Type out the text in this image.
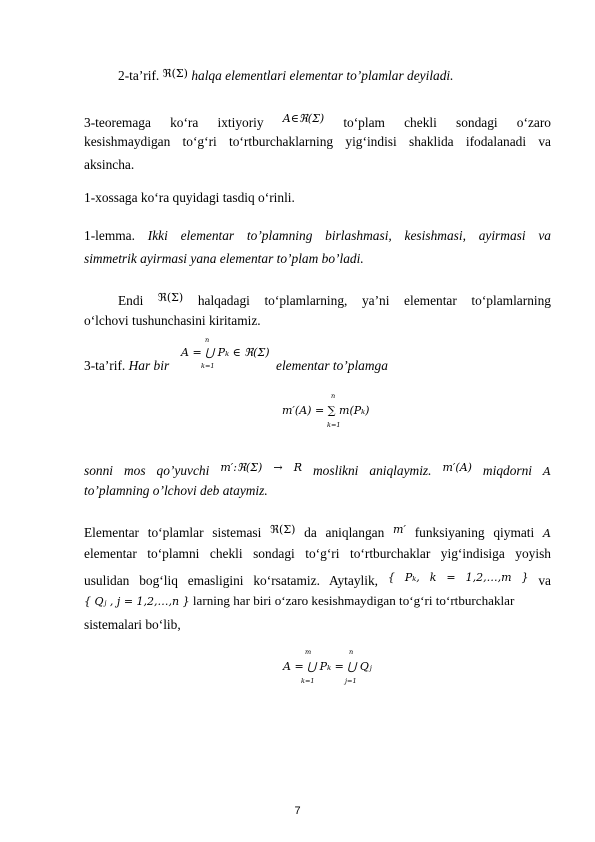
2-ta’rif. $^{ℜ(\Sigma)}$ halqa elementlari elementar to’plamlar deyiladi.
3-teoremaga ko‘ra ixtiyoriy $^{A\in ℜ(\Sigma)}$ to‘plam chekli sondagi o‘zaro
kesishmaydigan to‘g‘ri to‘rtburchaklarning yig‘indisi shaklida ifodalanadi va
aksincha.
1-xossaga ko‘ra quyidagi tasdiq o‘rinli.
1-lemma. Ikki elementar to’plamning birlashmasi, kesishmasi, ayirmasi va
simmetrik ayirmasi yana elementar to’plam bo’ladi.
Endi $^{ℜ(\Sigma)}$ halqadagi to‘plamlarning, ya’ni elementar to‘plamlarning
o‘lchovi tushunchasini kiritamiz.
3-ta’rif. Har bir
A = ⋃ Pₖ ∈ ℜ(Σ)
n
k=1	elementar to’plamga
m′(A) = ∑ m(Pₖ)
n
k=1
sonni mos qo’yuvchi $^{m':ℜ(\Sigma) \to R}$ moslikni aniqlaymiz. $^{m'(A)}$ miqdorni A
to’plamning o’lchovi deb ataymiz.
Elementar to‘plamlar sistemasi $^{ℜ(\Sigma)}$ da aniqlangan $^{m'}$ funksiyaning qiymati A
elementar to‘plamni chekli sondagi to‘g‘ri to‘rtburchaklar yig‘indisiga yoyish
usulidan bog‘liq emasligini ko‘rsatamiz. Aytaylik, $^{\{ P_k, k = 1,2,\dots,m \}}$ va
{ Qⱼ , j = 1,2,…,n } larning har biri o‘zaro kesishmaydigan to‘g‘ri to‘rtburchaklar
sistemalari bo‘lib,
A = ⋃ Pₖ = ⋃ Qⱼ
m
k=1
n
j=1
7
